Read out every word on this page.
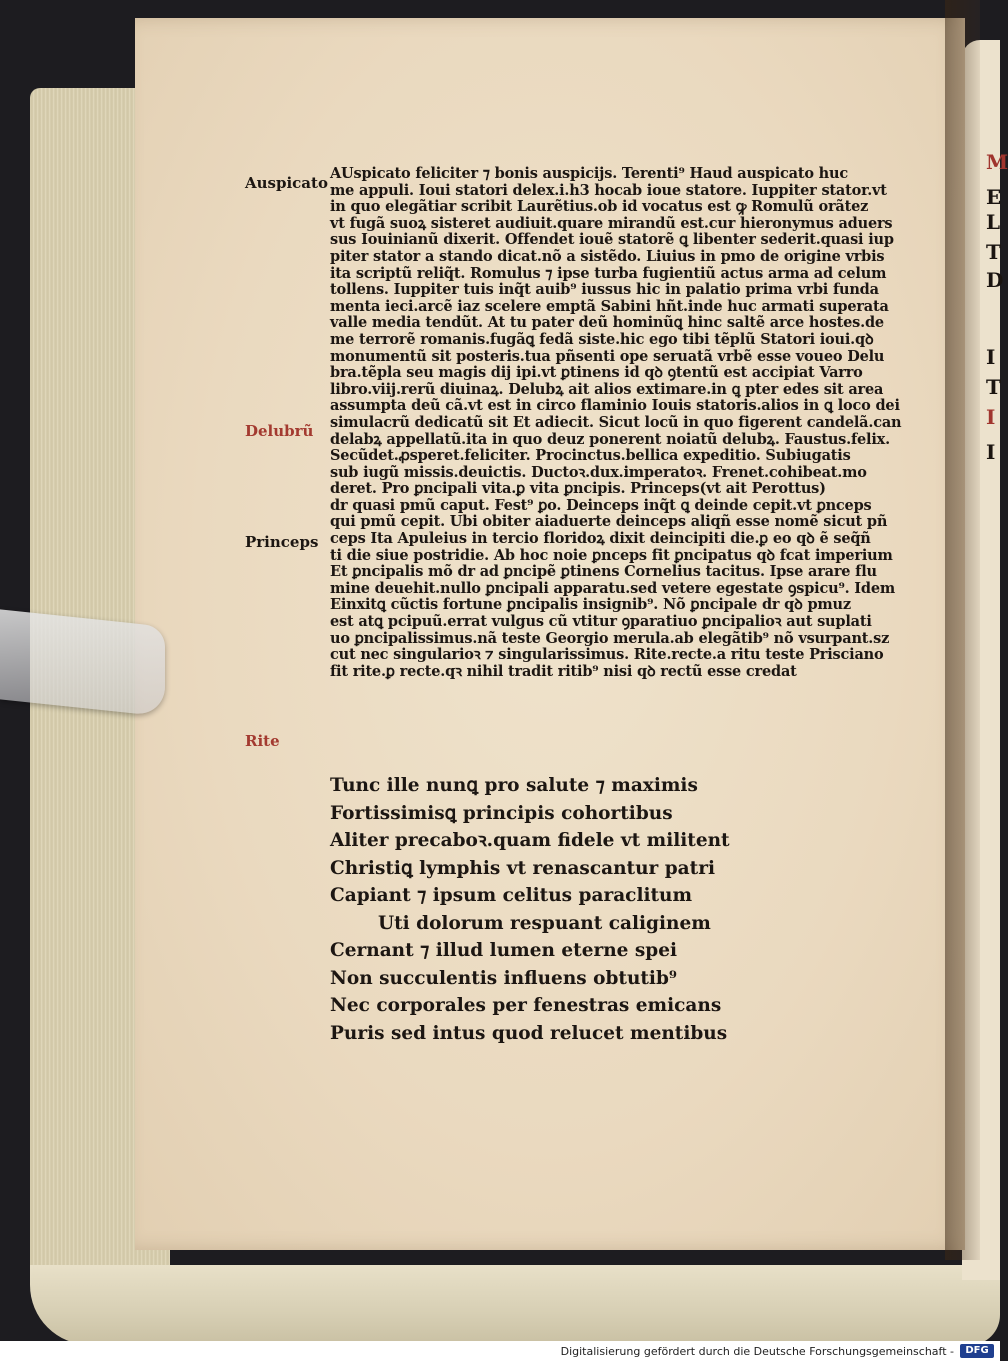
M
E
L
T
D
I
T
I
I
Auspicato
Delubrũ
Princeps
Rite
AUspicato feliciter ⁊ bonis auspicijs. Terenti⁹ Haud auspicato huc
me appuli. Ioui statori delex.i.h3 hocab ioue statore. Iuppiter stator.vt
in quo elegãtiar scribit Laurẽtius.ob id vocatus est ꝙ Romulũ orãtez
vt fugã suoꝝ sisteret audiuit.quare mirandũ est.cur hieronymus aduers
sus Iouinianũ dixerit. Offendet iouẽ statorẽ ꝗ libenter sederit.quasi iup
piter stator a stando dicat.nõ a sistẽdo. Liuius in pmo de origine vrbis
ita scriptũ reliq̃t. Romulus ⁊ ipse turba fugientiũ actus arma ad celum
tollens. Iuppiter tuis inq̃t auib⁹ iussus hic in palatio prima vrbi funda
menta ieci.arcẽ iaz scelere emptã Sabini hñt.inde huc armati superata
valle media tendũt. At tu pater deũ hominũꝗ hinc saltẽ arce hostes.de
me terrorẽ romanis.fugãꝗ fedã siste.hic ego tibi tẽplũ Statori ioui.qꝺ
monumentũ sit posteris.tua pñsenti ope seruatã vrbẽ esse voueo Delu
bra.tẽpla seu magis dij ipi.vt ꝑtinens id qꝺ ꝯtentũ est accipiat Varro
libro.viij.rerũ diuinaꝝ. Delubꝝ ait alios extimare.in ꝗ pter edes sit area
assumpta deũ cã.vt est in circo flaminio Iouis statoris.alios in ꝗ loco dei
simulacrũ dedicatũ sit Et adiecit. Sicut locũ in quo figerent candelã.can
delabꝝ appellatũ.ita in quo deuz ponerent noiatũ delubꝝ. Faustus.felix.
Secũdet.ꝓsperet.feliciter. Procinctus.bellica expeditio. Subiugatis
sub iugũ missis.deuictis. Ductoꝛ.dux.imperatoꝛ. Frenet.cohibeat.mo
deret. Pro ꝑncipali vita.ꝑ vita ꝑncipis. Princeps(vt ait Perottus)
dr quasi pmũ caput. Fest⁹ ꝑo. Deinceps inq̃t ꝗ deinde cepit.vt ꝑnceps
qui pmũ cepit. Ubi obiter aiaduerte deinceps aliqñ esse nomẽ sicut pñ
ceps Ita Apuleius in tercio floridoꝝ dixit deincipiti die.ꝑ eo qꝺ ẽ seq̃ñ
ti die siue postridie. Ab hoc noie ꝑnceps fit ꝑncipatus qꝺ fcat imperium
Et ꝑncipalis mõ dr ad ꝑncipẽ ꝑtinens Cornelius tacitus. Ipse arare flu
mine deuehit.nullo ꝑncipali apparatu.sed vetere egestate ꝯspicu⁹. Idem
Einxitꝗ cũctis fortune ꝑncipalis insignib⁹. Nõ ꝑncipale dr qꝺ pmuz
est atꝗ pcipuũ.errat vulgus cũ vtitur ꝯparatiuo ꝑncipalioꝛ aut suplati
uo ꝑncipalissimus.nã teste Georgio merula.ab elegãtib⁹ nõ vsurpant.sz
cut nec singularioꝛ ⁊ singularissimus. Rite.recte.a ritu teste Prisciano
fit rite.ꝑ recte.qꝛ nihil tradit ritib⁹ nisi qꝺ rectũ esse credat
Tunc ille nunꝗ pro salute ⁊ maximis
Fortissimisꝗ principis cohortibus
Aliter precaboꝛ.quam fidele vt militent
Christiꝗ lymphis vt renascantur patri
Capiant ⁊ ipsum celitus paraclitum
Uti dolorum respuant caliginem
Cernant ⁊ illud lumen eterne spei
Non succulentis influens obtutib⁹
Nec corporales per fenestras emicans
Puris sed intus quod relucet mentibus
Digitalisierung gefördert durch die Deutsche Forschungsgemeinschaft -	DFG
